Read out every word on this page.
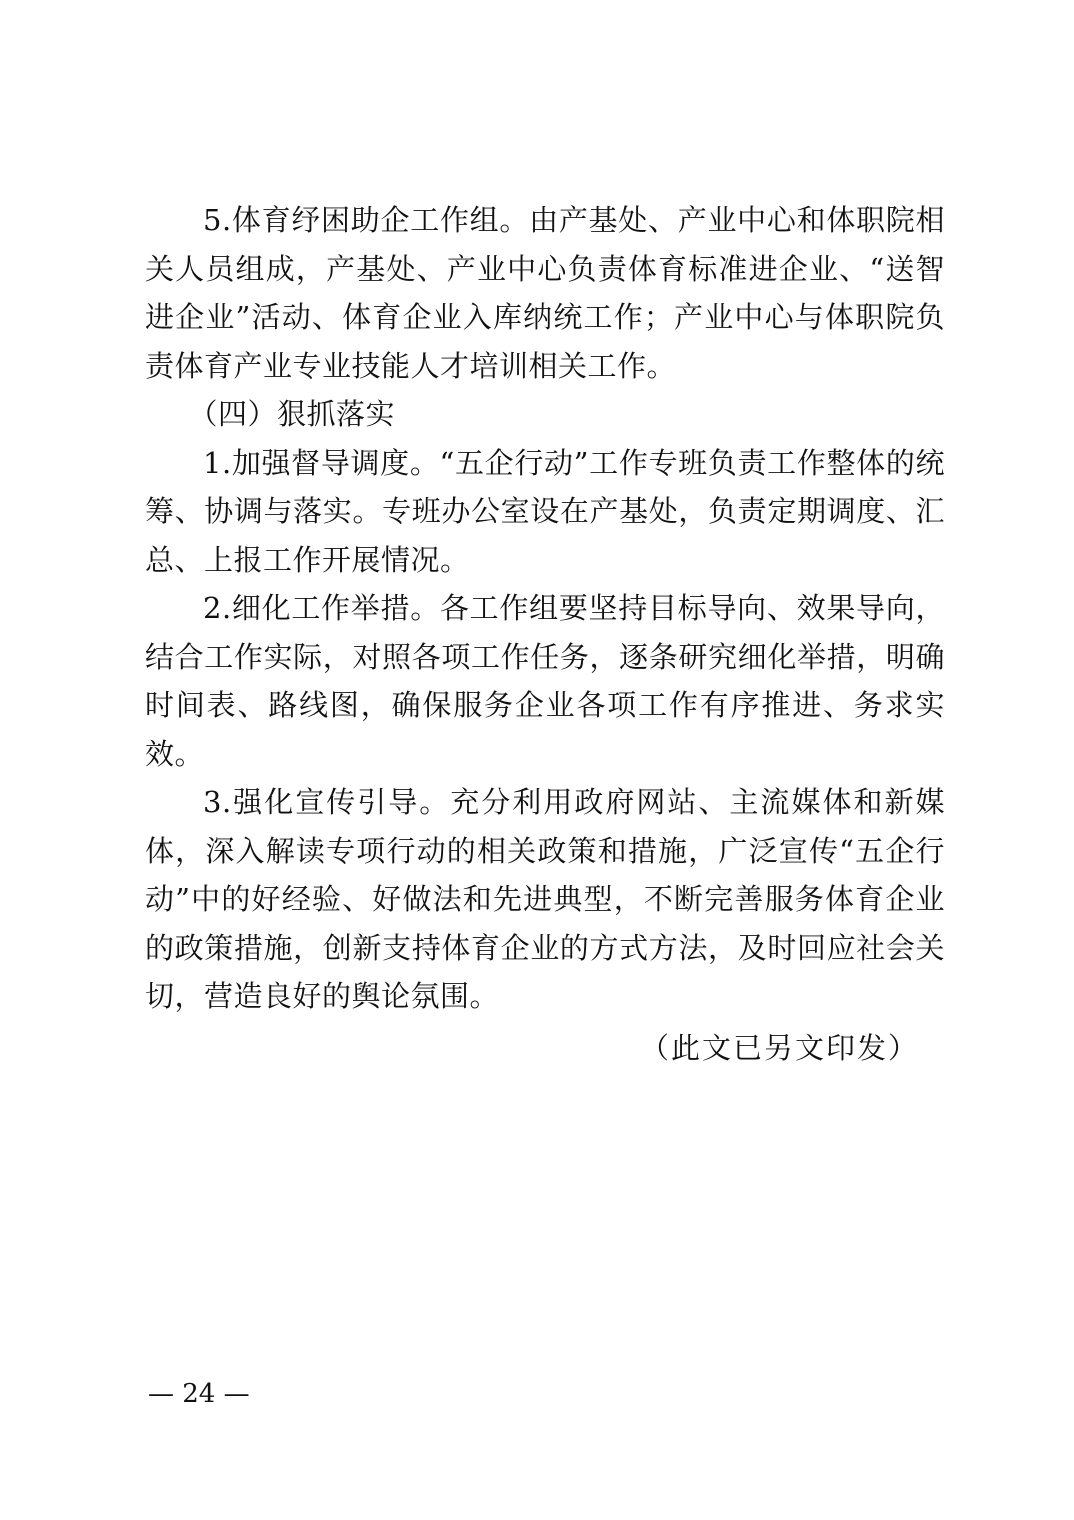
5.体育纾困助企工作组。由产基处、产业中心和体职院相关人员组成，产基处、产业中心负责体育标准进企业、“送智进企业”活动、体育企业入库纳统工作；产业中心与体职院负责体育产业专业技能人才培训相关工作。

（四）狠抓落实

1.加强督导调度。“五企行动”工作专班负责工作整体的统筹、协调与落实。专班办公室设在产基处，负责定期调度、汇总、上报工作开展情况。

2.细化工作举措。各工作组要坚持目标导向、效果导向，结合工作实际，对照各项工作任务，逐条研究细化举措，明确时间表、路线图，确保服务企业各项工作有序推进、务求实效。

3.强化宣传引导。充分利用政府网站、主流媒体和新媒体，深入解读专项行动的相关政策和措施，广泛宣传“五企行动”中的好经验、好做法和先进典型，不断完善服务体育企业的政策措施，创新支持体育企业的方式方法，及时回应社会关切，营造良好的舆论氛围。

（此文已另文印发）
— 24 —
